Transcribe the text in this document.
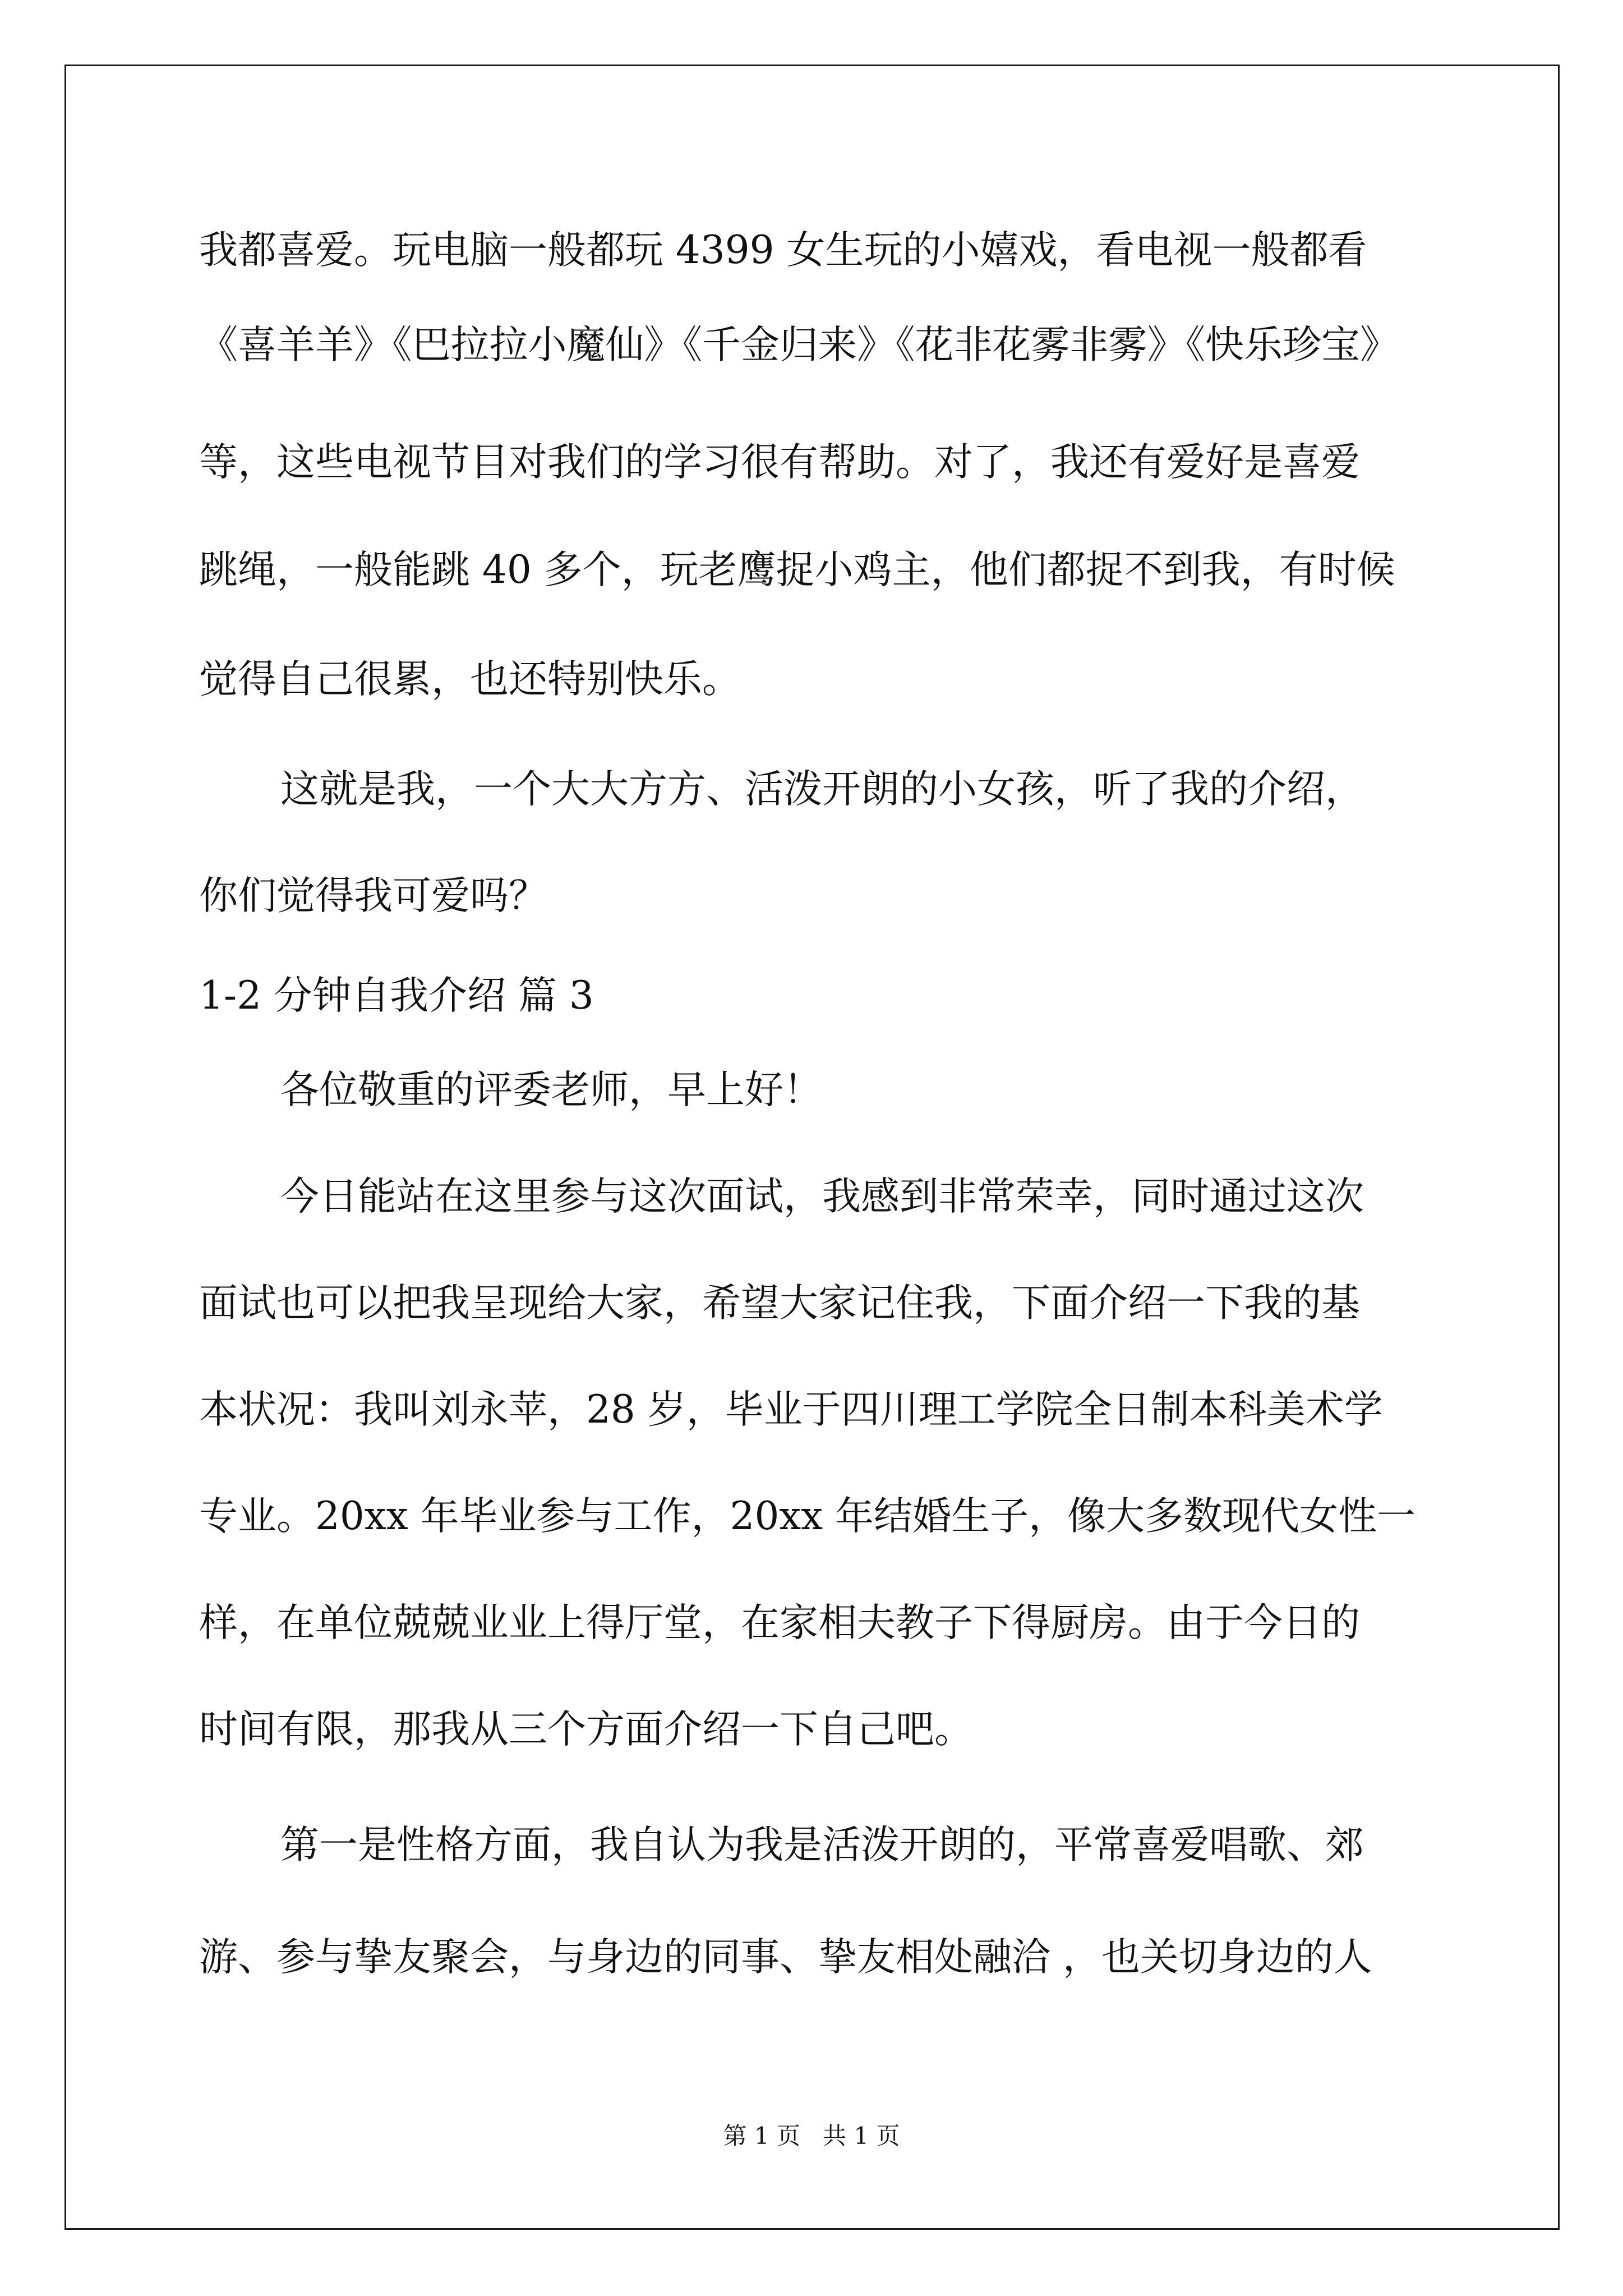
我都喜爱。玩电脑一般都玩 4399 女生玩的小嬉戏，看电视一般都看

《喜羊羊》《巴拉拉小魔仙》《千金归来》《花非花雾非雾》《快乐珍宝》

等，这些电视节目对我们的学习很有帮助。对了，我还有爱好是喜爱

跳绳，一般能跳 40 多个，玩老鹰捉小鸡主，他们都捉不到我，有时候

觉得自己很累，也还特别快乐。

这就是我，一个大大方方、活泼开朗的小女孩，听了我的介绍，

你们觉得我可爱吗？

1-2 分钟自我介绍 篇 3

各位敬重的评委老师，早上好！

今日能站在这里参与这次面试，我感到非常荣幸，同时通过这次

面试也可以把我呈现给大家，希望大家记住我，下面介绍一下我的基

本状况：我叫刘永苹，28 岁，毕业于四川理工学院全日制本科美术学

专业。20xx 年毕业参与工作，20xx 年结婚生子，像大多数现代女性一

样，在单位兢兢业业上得厅堂，在家相夫教子下得厨房。由于今日的

时间有限，那我从三个方面介绍一下自己吧。

第一是性格方面，我自认为我是活泼开朗的，平常喜爱唱歌、郊

游、参与挚友聚会，与身边的同事、挚友相处融洽 ，也关切身边的人

第 1 页   共 1 页
